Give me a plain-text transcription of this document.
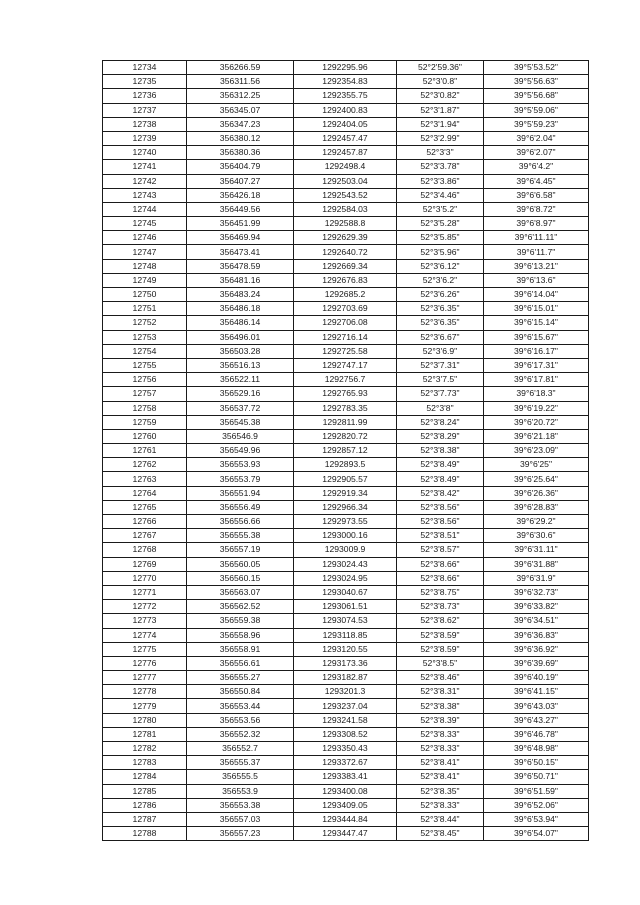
12734	356266.59	1292295.96	52°2'59.36"	39°5'53.52"
12735	356311.56	1292354.83	52°3'0.8"	39°5'56.63"
12736	356312.25	1292355.75	52°3'0.82"	39°5'56.68"
12737	356345.07	1292400.83	52°3'1.87"	39°5'59.06"
12738	356347.23	1292404.05	52°3'1.94"	39°5'59.23"
12739	356380.12	1292457.47	52°3'2.99"	39°6'2.04"
12740	356380.36	1292457.87	52°3'3"	39°6'2.07"
12741	356404.79	1292498.4	52°3'3.78"	39°6'4.2"
12742	356407.27	1292503.04	52°3'3.86"	39°6'4.45"
12743	356426.18	1292543.52	52°3'4.46"	39°6'6.58"
12744	356449.56	1292584.03	52°3'5.2"	39°6'8.72"
12745	356451.99	1292588.8	52°3'5.28"	39°6'8.97"
12746	356469.94	1292629.39	52°3'5.85"	39°6'11.11"
12747	356473.41	1292640.72	52°3'5.96"	39°6'11.7"
12748	356478.59	1292669.34	52°3'6.12"	39°6'13.21"
12749	356481.16	1292676.83	52°3'6.2"	39°6'13.6"
12750	356483.24	1292685.2	52°3'6.26"	39°6'14.04"
12751	356486.18	1292703.69	52°3'6.35"	39°6'15.01"
12752	356486.14	1292706.08	52°3'6.35"	39°6'15.14"
12753	356496.01	1292716.14	52°3'6.67"	39°6'15.67"
12754	356503.28	1292725.58	52°3'6.9"	39°6'16.17"
12755	356516.13	1292747.17	52°3'7.31"	39°6'17.31"
12756	356522.11	1292756.7	52°3'7.5"	39°6'17.81"
12757	356529.16	1292765.93	52°3'7.73"	39°6'18.3"
12758	356537.72	1292783.35	52°3'8"	39°6'19.22"
12759	356545.38	1292811.99	52°3'8.24"	39°6'20.72"
12760	356546.9	1292820.72	52°3'8.29"	39°6'21.18"
12761	356549.96	1292857.12	52°3'8.38"	39°6'23.09"
12762	356553.93	1292893.5	52°3'8.49"	39°6'25"
12763	356553.79	1292905.57	52°3'8.49"	39°6'25.64"
12764	356551.94	1292919.34	52°3'8.42"	39°6'26.36"
12765	356556.49	1292966.34	52°3'8.56"	39°6'28.83"
12766	356556.66	1292973.55	52°3'8.56"	39°6'29.2"
12767	356555.38	1293000.16	52°3'8.51"	39°6'30.6"
12768	356557.19	1293009.9	52°3'8.57"	39°6'31.11"
12769	356560.05	1293024.43	52°3'8.66"	39°6'31.88"
12770	356560.15	1293024.95	52°3'8.66"	39°6'31.9"
12771	356563.07	1293040.67	52°3'8.75"	39°6'32.73"
12772	356562.52	1293061.51	52°3'8.73"	39°6'33.82"
12773	356559.38	1293074.53	52°3'8.62"	39°6'34.51"
12774	356558.96	1293118.85	52°3'8.59"	39°6'36.83"
12775	356558.91	1293120.55	52°3'8.59"	39°6'36.92"
12776	356556.61	1293173.36	52°3'8.5"	39°6'39.69"
12777	356555.27	1293182.87	52°3'8.46"	39°6'40.19"
12778	356550.84	1293201.3	52°3'8.31"	39°6'41.15"
12779	356553.44	1293237.04	52°3'8.38"	39°6'43.03"
12780	356553.56	1293241.58	52°3'8.39"	39°6'43.27"
12781	356552.32	1293308.52	52°3'8.33"	39°6'46.78"
12782	356552.7	1293350.43	52°3'8.33"	39°6'48.98"
12783	356555.37	1293372.67	52°3'8.41"	39°6'50.15"
12784	356555.5	1293383.41	52°3'8.41"	39°6'50.71"
12785	356553.9	1293400.08	52°3'8.35"	39°6'51.59"
12786	356553.38	1293409.05	52°3'8.33"	39°6'52.06"
12787	356557.03	1293444.84	52°3'8.44"	39°6'53.94"
12788	356557.23	1293447.47	52°3'8.45"	39°6'54.07"
